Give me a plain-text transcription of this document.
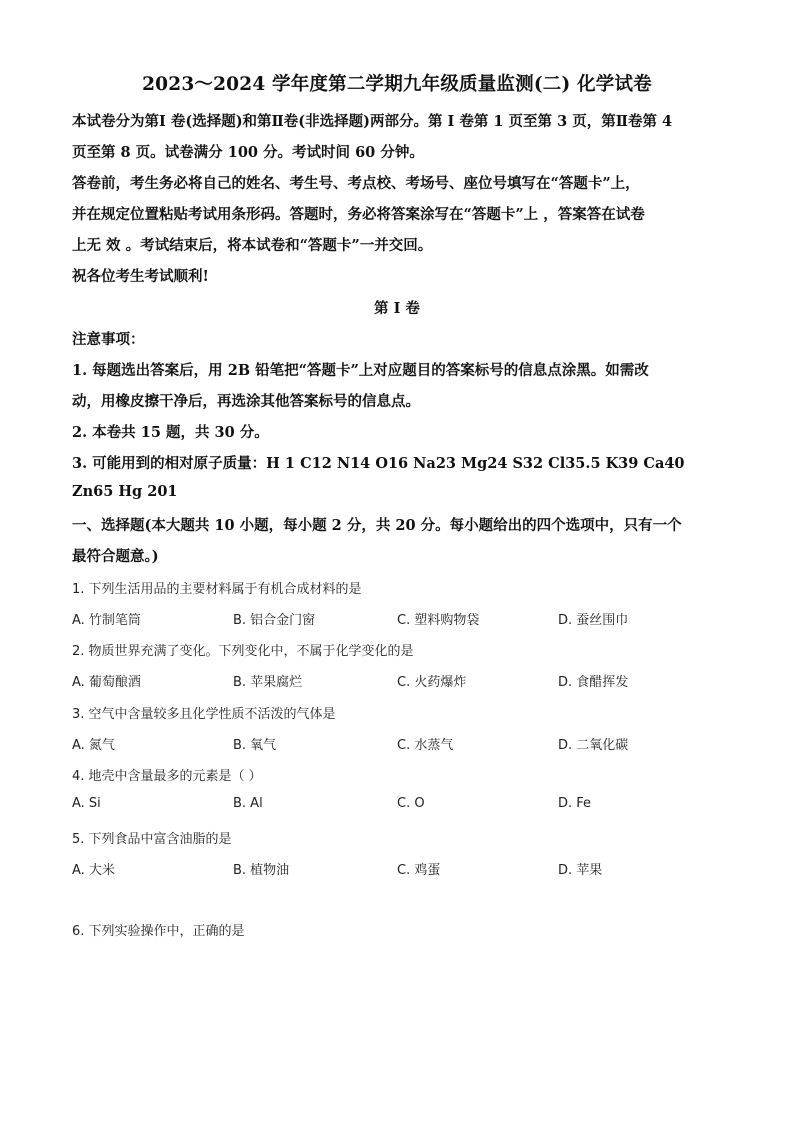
2023～2024 学年度第二学期九年级质量监测(二) 化学试卷
本试卷分为第Ⅰ 卷(选择题)和第Ⅱ卷(非选择题)两部分。第 Ⅰ 卷第 1 页至第 3 页，第Ⅱ卷第 4
页至第 8 页。试卷满分 100 分。考试时间 60 分钟。
答卷前，考生务必将自己的姓名、考生号、考点校、考场号、座位号填写在“答题卡”上，
并在规定位置粘贴考试用条形码。答题时，务必将答案涂写在“答题卡”上 ，答案答在试卷
上无 效 。考试结束后，将本试卷和“答题卡”一并交回。
祝各位考生考试顺利!
第 Ⅰ 卷
注意事项：
1. 每题选出答案后，用 2B 铅笔把“答题卡”上对应题目的答案标号的信息点涂黑。如需改
动，用橡皮擦干净后，再选涂其他答案标号的信息点。
2. 本卷共 15 题，共 30 分。
3. 可能用到的相对原子质量：H 1 C12 N14 O16 Na23 Mg24 S32 Cl35.5 K39 Ca40
Zn65 Hg 201
一、选择题(本大题共 10 小题，每小题 2 分，共 20 分。每小题给出的四个选项中，只有一个
最符合题意。)
1. 下列生活用品的主要材料属于有机合成材料的是
A. 竹制笔筒	B. 铝合金门窗	C. 塑料购物袋	D. 蚕丝围巾
2. 物质世界充满了变化。下列变化中，不属于化学变化的是
A. 葡萄酿酒	B. 苹果腐烂	C. 火药爆炸	D. 食醋挥发
3. 空气中含量较多且化学性质不活泼的气体是
A. 氮气	B. 氧气	C. 水蒸气	D. 二氧化碳
4. 地壳中含量最多的元素是（ ）
A. Si	B. Al	C. O	D. Fe
5. 下列食品中富含油脂的是
A. 大米	B. 植物油	C. 鸡蛋	D. 苹果
6. 下列实验操作中，正确的是
